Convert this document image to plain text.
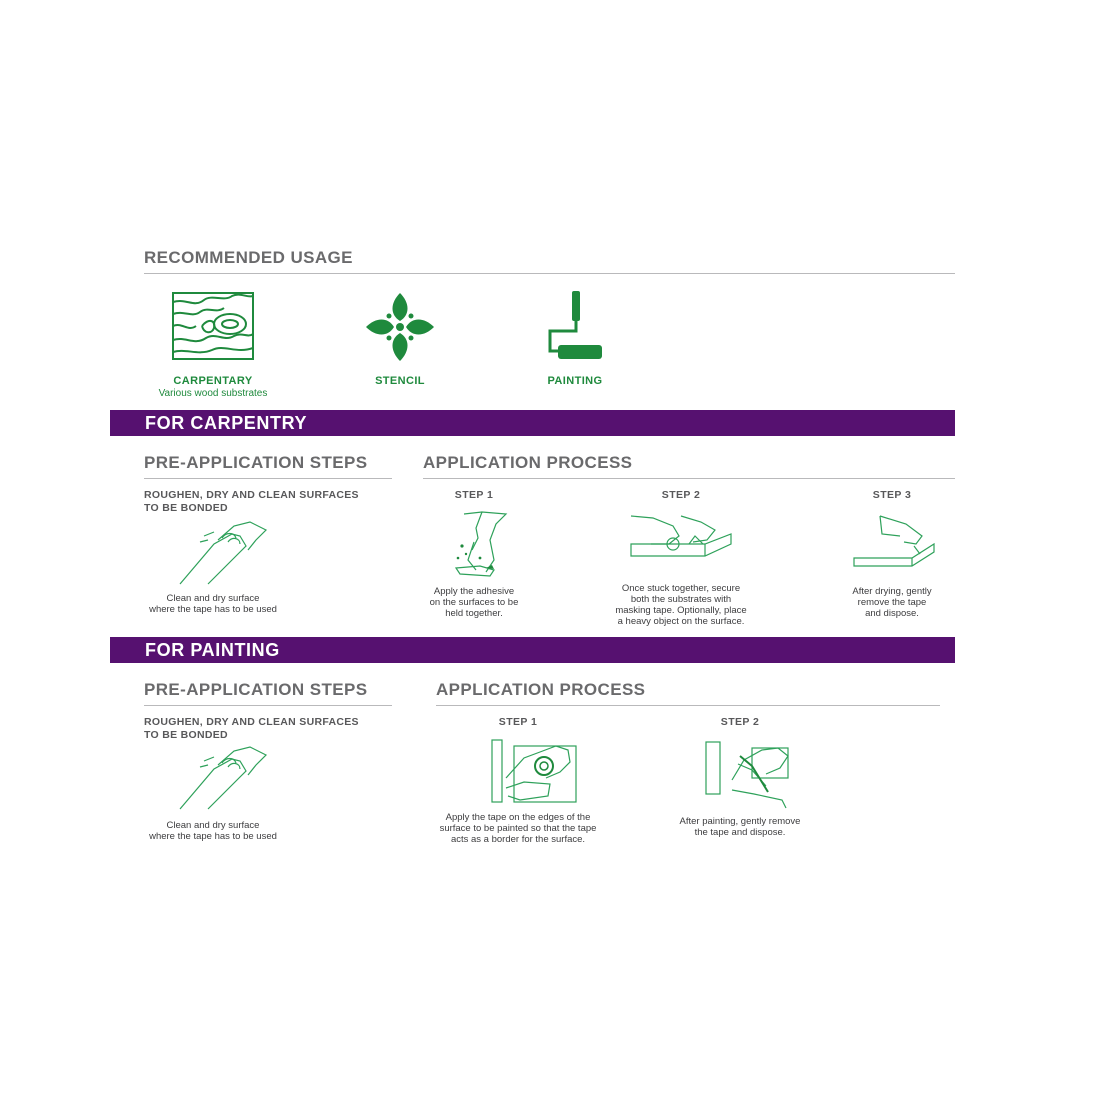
RECOMMENDED USAGE
CARPENTARY
Various wood substrates
STENCIL	PAINTING
FOR CARPENTRY
PRE-APPLICATION STEPS	APPLICATION PROCESS
ROUGHEN, DRY AND CLEAN SURFACES
TO BE BONDED
Clean and dry surface
where the tape has to be used
STEP 1
Apply the adhesive
on the surfaces to be
held together.
STEP 2
Once stuck together, secure
both the substrates with
masking tape. Optionally, place
a heavy object on the surface.
STEP 3
After drying, gently
remove the tape
and dispose.
FOR PAINTING
PRE-APPLICATION STEPS	APPLICATION PROCESS
ROUGHEN, DRY AND CLEAN SURFACES
TO BE BONDED
Clean and dry surface
where the tape has to be used
STEP 1
Apply the tape on the edges of the
surface to be painted so that the tape
acts as a border for the surface.
STEP 2
After painting, gently remove
the tape and dispose.
